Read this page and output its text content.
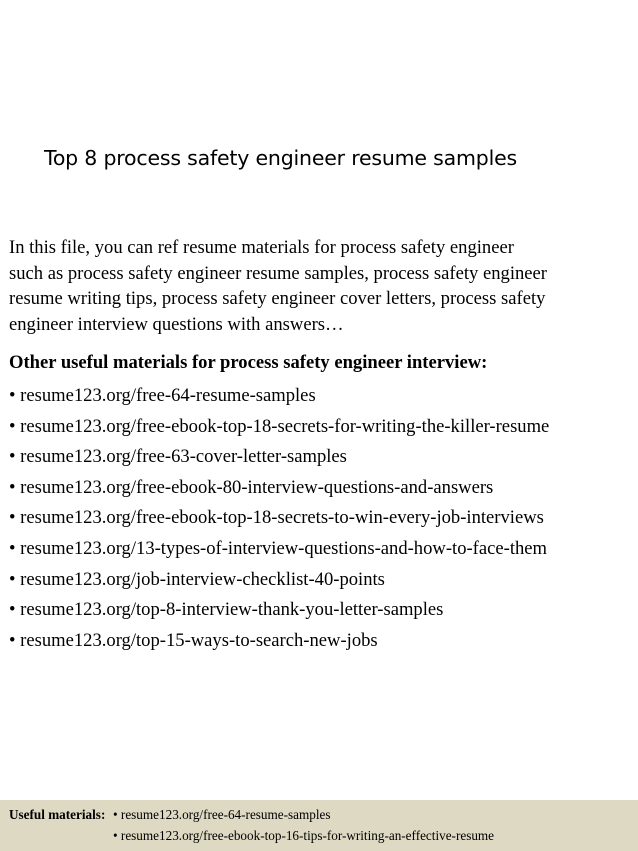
Top 8 process safety engineer resume samples

In this file, you can ref resume materials for process safety engineer
such as process safety engineer resume samples, process safety engineer
resume writing tips, process safety engineer cover letters, process safety
engineer interview questions with answers…

Other useful materials for process safety engineer interview:
• resume123.org/free-64-resume-samples
• resume123.org/free-ebook-top-18-secrets-for-writing-the-killer-resume
• resume123.org/free-63-cover-letter-samples
• resume123.org/free-ebook-80-interview-questions-and-answers
• resume123.org/free-ebook-top-18-secrets-to-win-every-job-interviews
• resume123.org/13-types-of-interview-questions-and-how-to-face-them
• resume123.org/job-interview-checklist-40-points
• resume123.org/top-8-interview-thank-you-letter-samples
• resume123.org/top-15-ways-to-search-new-jobs
Useful materials: • resume123.org/free-64-resume-samples
• resume123.org/free-ebook-top-16-tips-for-writing-an-effective-resume
